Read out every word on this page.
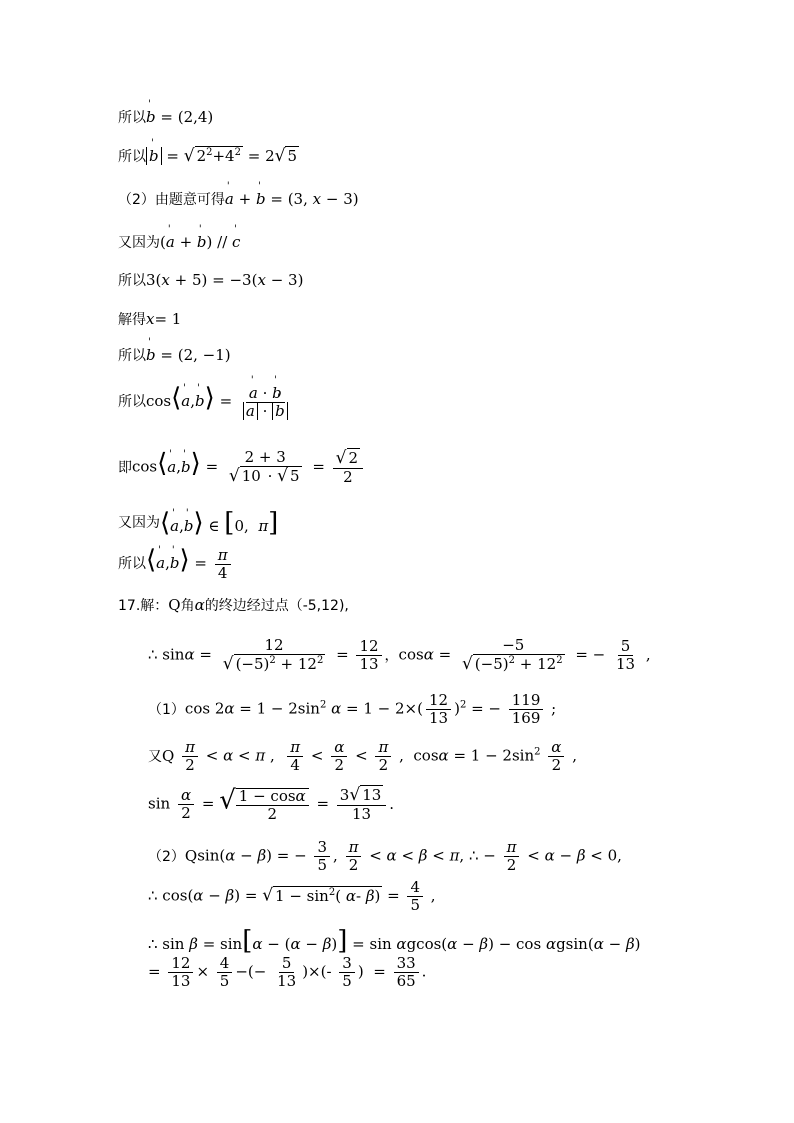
所以 ' b = (2,4)
所以 ' b = √ $2^2+4^2 = 2√$ 5
（2）由题意可得 ' a + ' b = (3, x − 3)
又因为 (' a + ' b) // ' c
所以 3(x + 5) = −3(x − 3)
解得 x= 1
所以 ' b = (2, −1)
所以 cos⟨' a,' b⟩ = ' $\frac{a \cdot ' b}{a \cdot ' b}$
即 cos⟨' a,' b⟩ = $\frac{2 + 3}{√ 10 \cdot √ 5} = \frac{√ 2}{2}$
又因为 ⟨' a,' b⟩ ∈ [0,  π]
所以 ⟨' a,' b⟩ = $\frac{\pi}{4}$
17.解： Q 角 α 的终边经过点（-5,12),
∴ $\sin\alpha = \frac{12}{√ (-5)^2 + 12^2} = \frac{12}{13}$ ， $\cos\alpha = \frac{-5}{√ (-5)^2 + 12^2}$ = − $\frac{5}{13}$ ,
（1） $\cos 2\alpha = 1 - 2\sin^2$ $\alpha = 1 - 2\times( \frac{12}{13} )^2$ = − $\frac{119}{169}$ ;
又 Q
$\frac{\pi}{2} < \alpha < \pi$ , $\frac{\pi}{4} < \frac{\alpha}{2} < \frac{\pi}{2}$ ,  $\cos\alpha = 1 - 2\sin^2 \frac{\alpha}{2}$ ,
$\sin \frac{\alpha}{2}$ = √ $\frac{1 - \cos\alpha}{2} = \frac{3√ 13}{13}$ .
（2） Q sin(α − β) = − $\frac{3}{5}$ , $\frac{\pi}{2} < \alpha < \beta < \pi$, ∴ − $\frac{\pi}{2} < \alpha - \beta < 0$,
∴ cos(α − β) = √ $1 - \sin^2$( α- $\beta) = \frac{4}{5}$ ,
∴ sin β = sin[α − (α − β)] = sin αgcos(α − β) − cos αgsin(α − β)
= $\frac{12}{13} \times \frac{4}{5}$ −(− $\frac{5}{13}$ )×(- $\frac{3}{5}$ )  = $\frac{33}{65}$ .
